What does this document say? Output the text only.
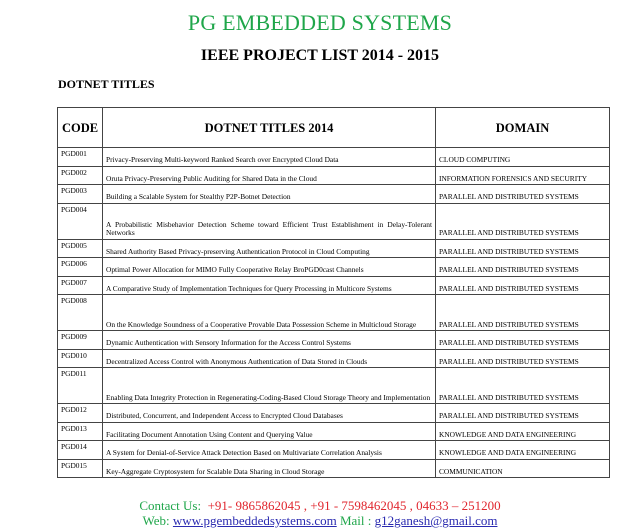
PG EMBEDDED SYSTEMS
IEEE PROJECT LIST 2014 - 2015
DOTNET TITLES
CODE	DOTNET TITLES 2014	DOMAIN
PGD001	Privacy-Preserving Multi-keyword Ranked Search over Encrypted Cloud Data	CLOUD COMPUTING
PGD002	Oruta Privacy-Preserving Public Auditing for Shared Data in the Cloud	INFORMATION FORENSICS AND SECURITY
PGD003	Building a Scalable System for Stealthy P2P-Botnet Detection	PARALLEL AND DISTRIBUTED SYSTEMS
PGD004	A Probabilistic Misbehavior Detection Scheme toward Efficient Trust Establishment in Delay-Tolerant Networks	PARALLEL AND DISTRIBUTED SYSTEMS
PGD005	Shared Authority Based Privacy-preserving Authentication Protocol in Cloud Computing	PARALLEL AND DISTRIBUTED SYSTEMS
PGD006	Optimal Power Allocation for MIMO Fully Cooperative Relay BroPGD0cast Channels	PARALLEL AND DISTRIBUTED SYSTEMS
PGD007	A Comparative Study of Implementation Techniques for Query Processing in Multicore Systems	PARALLEL AND DISTRIBUTED SYSTEMS
PGD008	On the Knowledge Soundness of a Cooperative Provable Data Possession Scheme in Multicloud Storage	PARALLEL AND DISTRIBUTED SYSTEMS
PGD009	Dynamic Authentication with Sensory Information for the Access Control Systems	PARALLEL AND DISTRIBUTED SYSTEMS
PGD010	Decentralized Access Control with Anonymous Authentication of Data Stored in Clouds	PARALLEL AND DISTRIBUTED SYSTEMS
PGD011	Enabling Data Integrity Protection in Regenerating-Coding-Based Cloud Storage Theory and Implementation	PARALLEL AND DISTRIBUTED SYSTEMS
PGD012	Distributed, Concurrent, and Independent Access to Encrypted Cloud Databases	PARALLEL AND DISTRIBUTED SYSTEMS
PGD013	Facilitating Document Annotation Using Content and Querying Value	KNOWLEDGE AND DATA ENGINEERING
PGD014	A System for Denial-of-Service Attack Detection Based on Multivariate Correlation Analysis	KNOWLEDGE AND DATA ENGINEERING
PGD015	Key-Aggregate Cryptosystem for Scalable Data Sharing in Cloud Storage	COMMUNICATION
Contact Us: +91- 9865862045 , +91 - 7598462045 , 04633 – 251200
Web: www.pgembeddedsystems.com Mail : g12ganesh@gmail.com
